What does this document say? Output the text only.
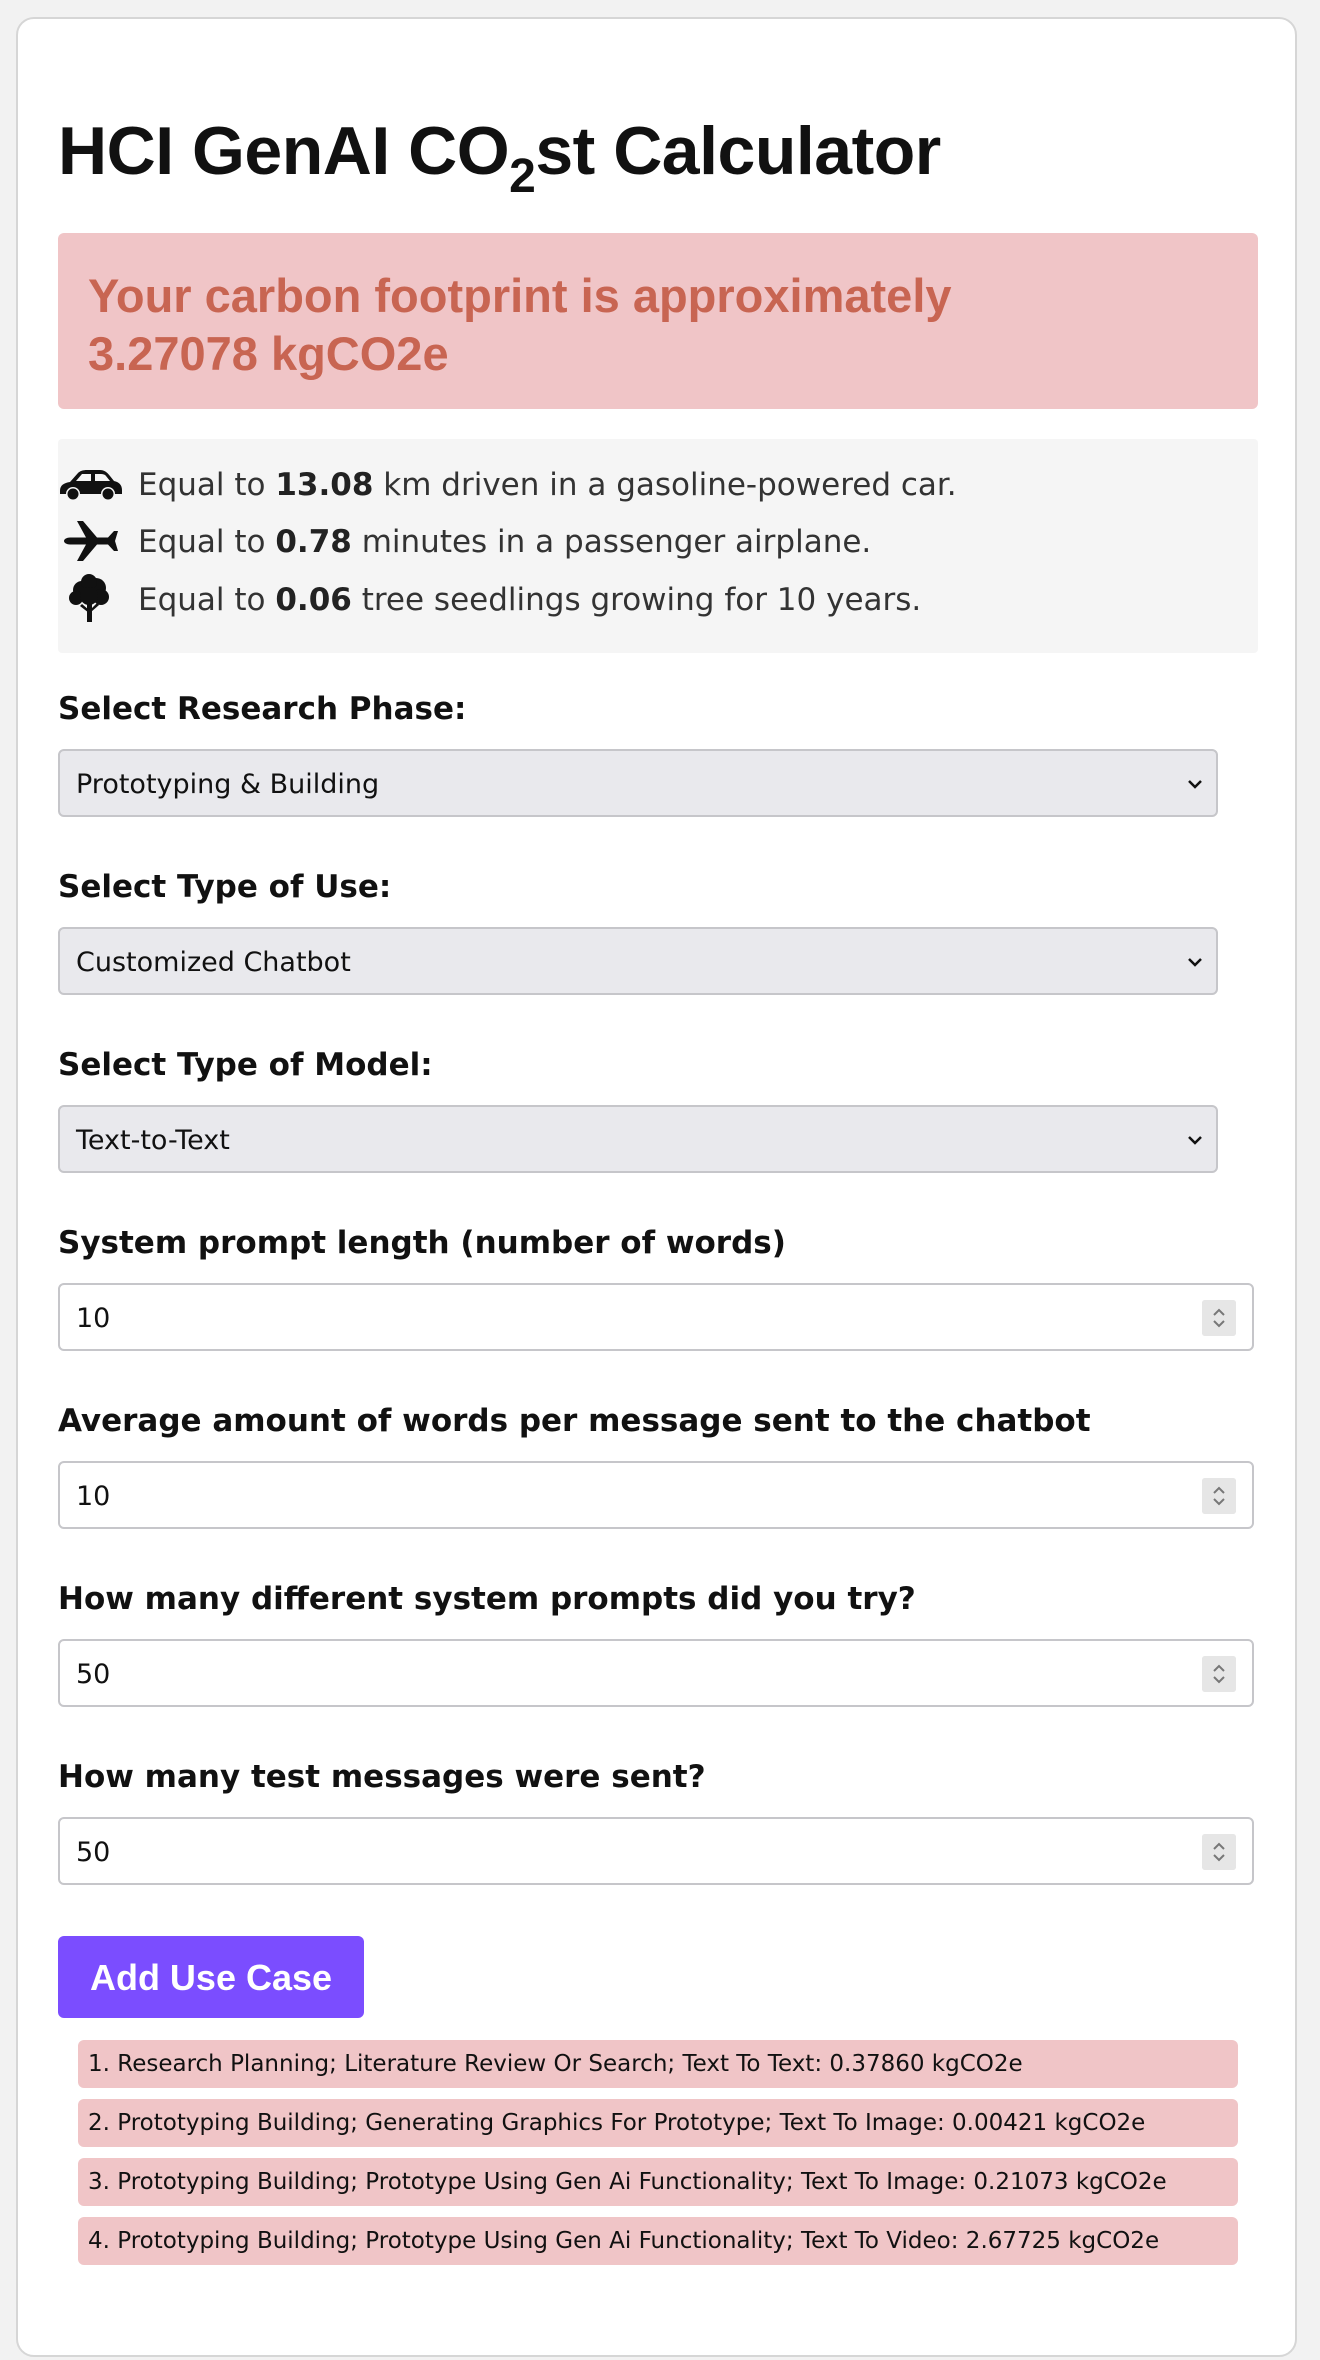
HCI GenAI $CO_2st$ Calculator
Your carbon footprint is approximately
3.27078 kgCO2e
Equal to 13.08 km driven in a gasoline-powered car.
Equal to 0.78 minutes in a passenger airplane.
Equal to 0.06 tree seedlings growing for 10 years.
Select Research Phase:
Prototyping & Building
Select Type of Use:
Customized Chatbot
Select Type of Model:
Text-to-Text
System prompt length (number of words)
10
Average amount of words per message sent to the chatbot
10
How many different system prompts did you try?
50
How many test messages were sent?
50
Add Use Case
1. Research Planning; Literature Review Or Search; Text To Text: 0.37860 kgCO2e
2. Prototyping Building; Generating Graphics For Prototype; Text To Image: 0.00421 kgCO2e
3. Prototyping Building; Prototype Using Gen Ai Functionality; Text To Image: 0.21073 kgCO2e
4. Prototyping Building; Prototype Using Gen Ai Functionality; Text To Video: 2.67725 kgCO2e
